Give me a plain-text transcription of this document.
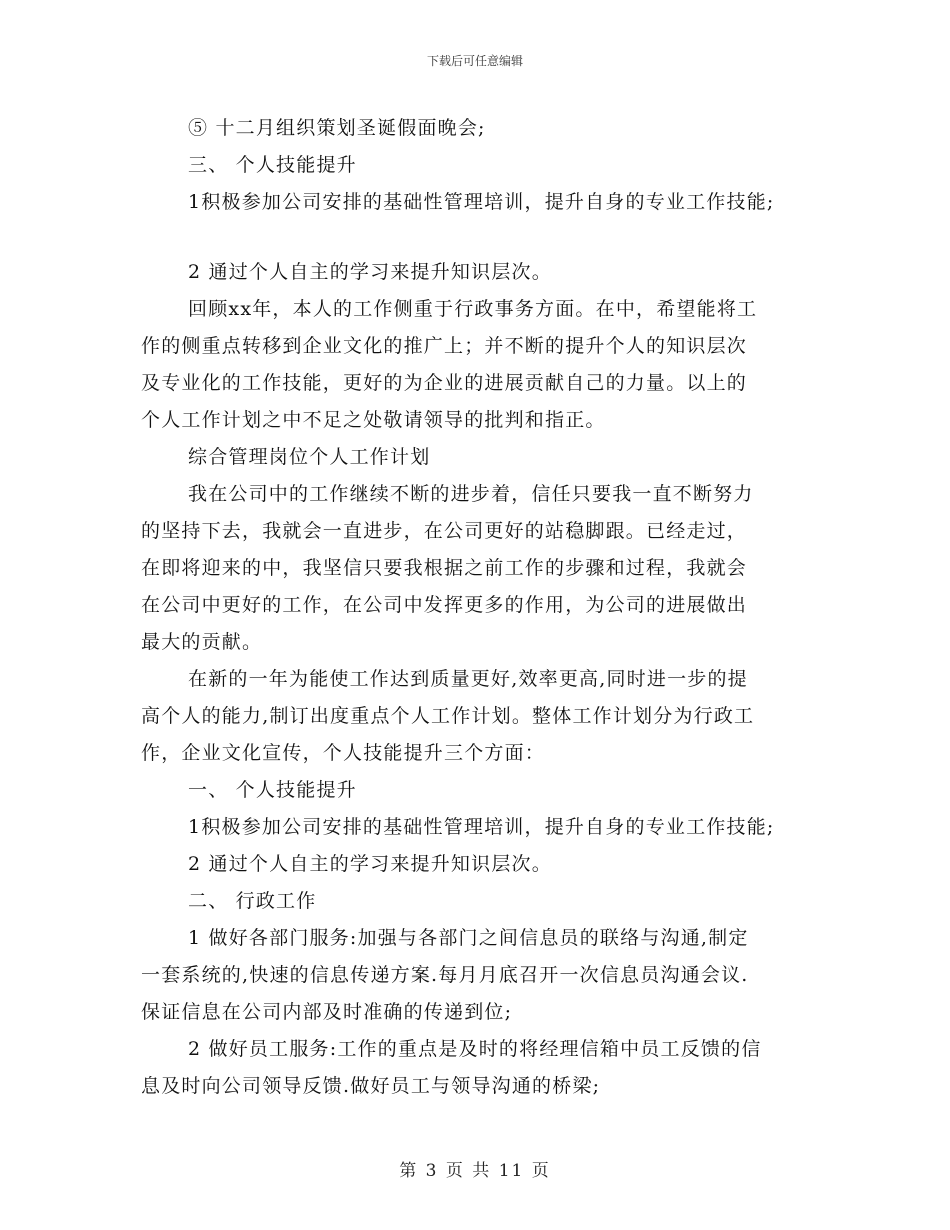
下载后可任意编辑
⑤ 十二月组织策划圣诞假面晚会;
三、 个人技能提升
1积极参加公司安排的基础性管理培训，提升自身的专业工作技能;
2 通过个人自主的学习来提升知识层次。
回顾xx年，本人的工作侧重于行政事务方面。在中，希望能将工
作的侧重点转移到企业文化的推广上；并不断的提升个人的知识层次
及专业化的工作技能，更好的为企业的进展贡献自己的力量。以上的
个人工作计划之中不足之处敬请领导的批判和指正。
综合管理岗位个人工作计划
我在公司中的工作继续不断的进步着，信任只要我一直不断努力
的坚持下去，我就会一直进步，在公司更好的站稳脚跟。已经走过，
在即将迎来的中，我坚信只要我根据之前工作的步骤和过程，我就会
在公司中更好的工作，在公司中发挥更多的作用，为公司的进展做出
最大的贡献。
在新的一年为能使工作达到质量更好,效率更高,同时进一步的提
高个人的能力,制订出度重点个人工作计划。整体工作计划分为行政工
作，企业文化宣传，个人技能提升三个方面：
一、 个人技能提升
1积极参加公司安排的基础性管理培训，提升自身的专业工作技能;
2 通过个人自主的学习来提升知识层次。
二、 行政工作
1 做好各部门服务:加强与各部门之间信息员的联络与沟通,制定
一套系统的,快速的信息传递方案.每月月底召开一次信息员沟通会议.
保证信息在公司内部及时准确的传递到位;
2 做好员工服务:工作的重点是及时的将经理信箱中员工反馈的信
息及时向公司领导反馈.做好员工与领导沟通的桥梁;
第 3 页 共 11 页
